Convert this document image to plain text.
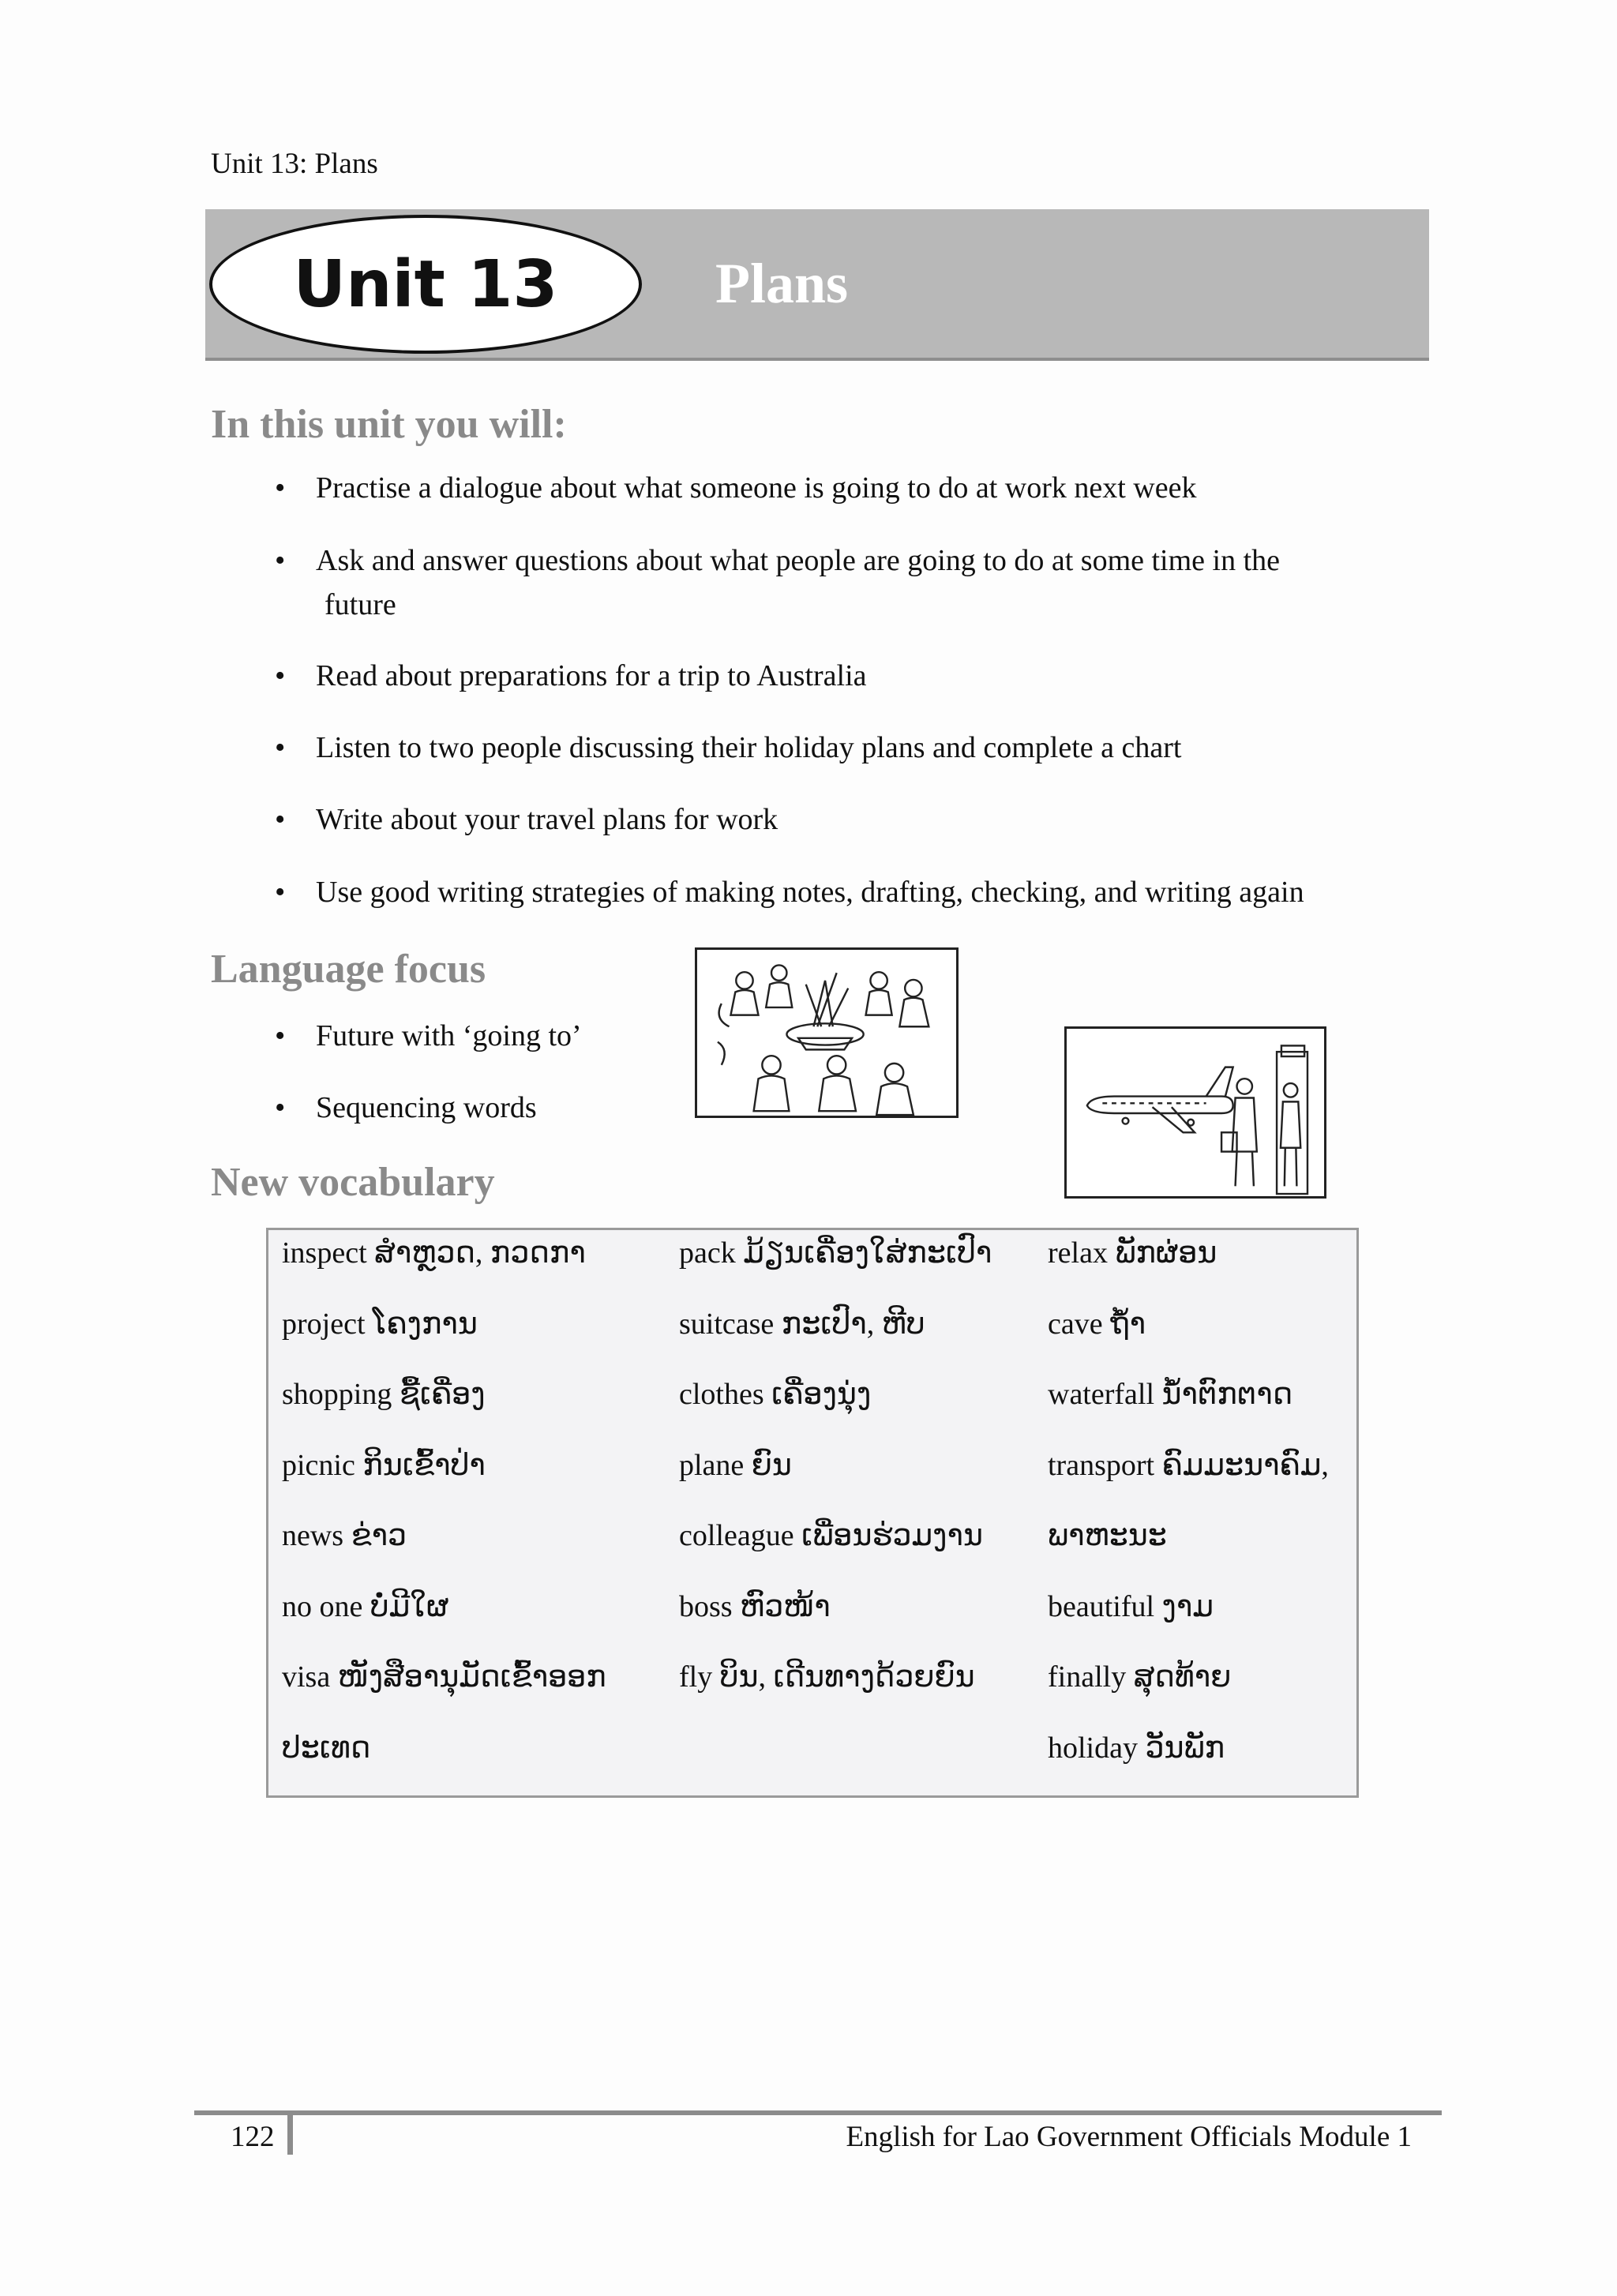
Unit 13: Plans
Unit 13	Plans
In this unit you will:
Practise a dialogue about what someone is going to do at work next week
Ask and answer questions about what people are going to do at some time in the
future
Read about preparations for a trip to Australia
Listen to two people discussing their holiday plans and complete a chart
Write about your travel plans for work
Use good writing strategies of making notes, drafting, checking, and writing again
Language focus
Future with ‘going to’
Sequencing words
New vocabulary
inspect ສຳຫຼວດ, ກວດກາ
project ໂຄງການ
shopping ຊື້ເຄື່ອງ
picnic ກິນເຂົ້າປ່າ
news ຂ່າວ
no one ບໍ່ມີໃຜ
visa ໜັງສືອານຸມັດເຂົ້າອອກ
ປະເທດ
pack ມ້ຽນເຄື່ອງໃສ່ກະເປົາ
suitcase ກະເປົາ, ຫີບ
clothes ເຄື່ອງນຸ່ງ
plane ຍົນ
colleague ເພື່ອນຮ່ວມງານ
boss ຫົວໜ້າ
fly ບິນ, ເດີນທາງດ້ວຍຍົນ
relax ພັກຜ່ອນ
cave ຖໍ້າ
waterfall ນໍ້າຕົກຕາດ
transport ຄົມມະນາຄົມ,
ພາຫະນະ
beautiful ງາມ
finally ສຸດທ້າຍ
holiday ວັນພັກ
122	English for Lao Government Officials Module 1
